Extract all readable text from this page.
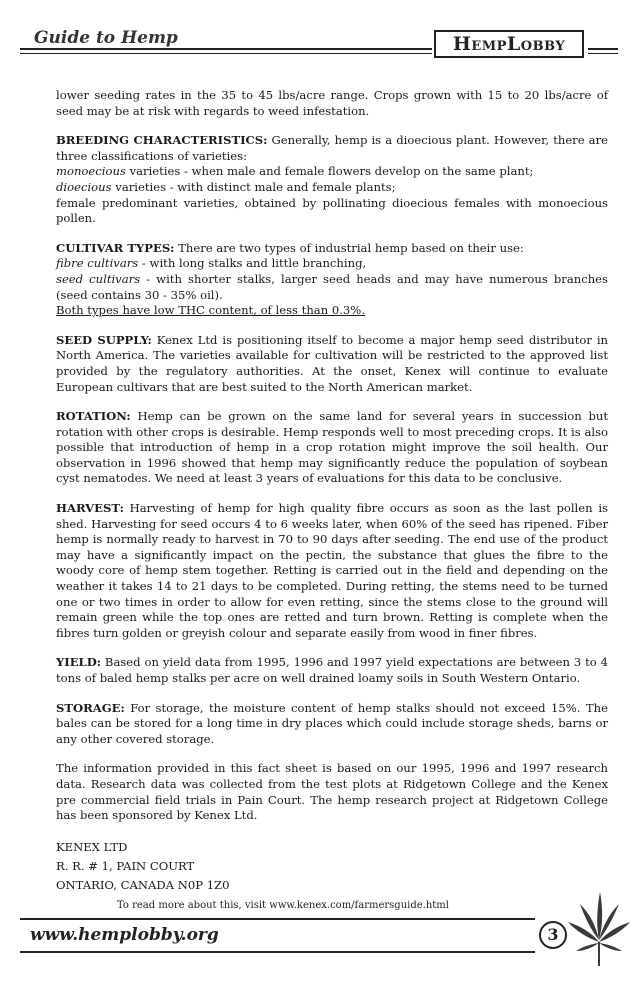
Guide to Hemp	HempLobby

lower seeding rates in the 35 to 45 lbs/acre range. Crops grown with 15 to 20 lbs/acre of seed may be at risk with regards to weed infestation.

BREEDING CHARACTERISTICS: Generally, hemp is a dioecious plant. However, there are three classifications of varieties:
monoecious varieties - when male and female flowers develop on the same plant;
dioecious varieties - with distinct male and female plants;
female predominant varieties, obtained by pollinating dioecious females with monoecious pollen.

CULTIVAR TYPES: There are two types of industrial hemp based on their use:
fibre cultivars - with long stalks and little branching,
seed cultivars - with shorter stalks, larger seed heads and may have numerous branches (seed contains 30 - 35% oil).
Both types have low THC content, of less than 0.3%.

SEED SUPPLY: Kenex Ltd is positioning itself to become a major hemp seed distributor in North America. The varieties available for cultivation will be restricted to the approved list provided by the regulatory authorities. At the onset, Kenex will continue to evaluate European cultivars that are best suited to the North American market.

ROTATION: Hemp can be grown on the same land for several years in succession but rotation with other crops is desirable. Hemp responds well to most preceding crops. It is also possible that introduction of hemp in a crop rotation might improve the soil health. Our observation in 1996 showed that hemp may significantly reduce the population of soybean cyst nematodes. We need at least 3 years of evaluations for this data to be conclusive.

HARVEST: Harvesting of hemp for high quality fibre occurs as soon as the last pollen is shed. Harvesting for seed occurs 4 to 6 weeks later, when 60% of the seed has ripened. Fiber hemp is normally ready to harvest in 70 to 90 days after seeding. The end use of the product may have a significantly impact on the pectin, the substance that glues the fibre to the woody core of hemp stem together. Retting is carried out in the field and depending on the weather it takes 14 to 21 days to be completed. During retting, the stems need to be turned one or two times in order to allow for even retting, since the stems close to the ground will remain green while the top ones are retted and turn brown. Retting is complete when the fibres turn golden or greyish colour and separate easily from wood in finer fibres.

YIELD: Based on yield data from 1995, 1996 and 1997 yield expectations are between 3 to 4 tons of baled hemp stalks per acre on well drained loamy soils in South Western Ontario.

STORAGE: For storage, the moisture content of hemp stalks should not exceed 15%. The bales can be stored for a long time in dry places which could include storage sheds, barns or any other covered storage.

The information provided in this fact sheet is based on our 1995, 1996 and 1997 research data. Research data was collected from the test plots at Ridgetown College and the Kenex pre commercial field trials in Pain Court. The hemp research project at Ridgetown College has been sponsored by Kenex Ltd.

KENEX LTD

R. R. # 1, PAIN COURT

ONTARIO, CANADA N0P 1Z0

To read more about this, visit www.kenex.com/farmersguide.html
www.hemplobby.org	3
